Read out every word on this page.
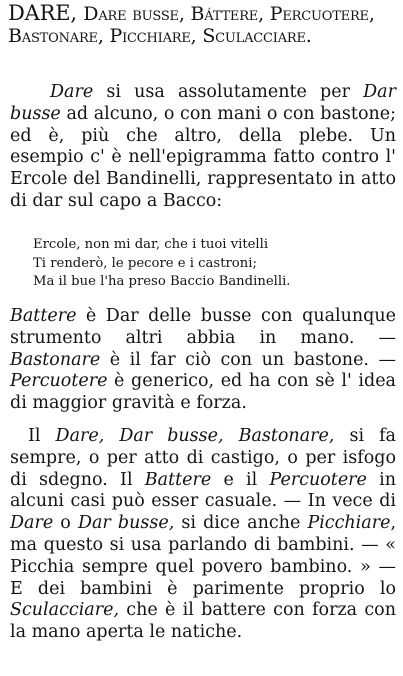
DARE, Dare busse, Báttere, Percuotere, Bastonare, Picchiare, Sculacciare.

Dare si usa assolutamente per Dar busse ad alcuno, o con mani o con bastone; ed è, più che altro, della plebe. Un esempio c' è nell'epigramma fatto contro l' Ercole del Bandinelli, rappresentato in atto di dar sul capo a Bacco:

Ercole, non mi dar, che i tuoi vitelli
Ti renderò, le pecore e i castroni;
Ma il bue l'ha preso Baccio Bandinelli.

Battere è Dar delle busse con qualunque strumento altri abbia in mano. — Bastonare è il far ciò con un bastone. — Percuotere è generico, ed ha con sè l' idea di maggior gravità e forza.

Il Dare, Dar busse, Bastonare, si fa sempre, o per atto di castigo, o per isfogo di sdegno. Il Battere e il Percuotere in alcuni casi può esser casuale. — In vece di Dare o Dar busse, si dice anche Picchiare, ma questo si usa parlando di bambini. — « Picchia sempre quel povero bambino. » — E dei bambini è parimente proprio lo Sculacciare, che è il battere con forza con la mano aperta le natiche.
